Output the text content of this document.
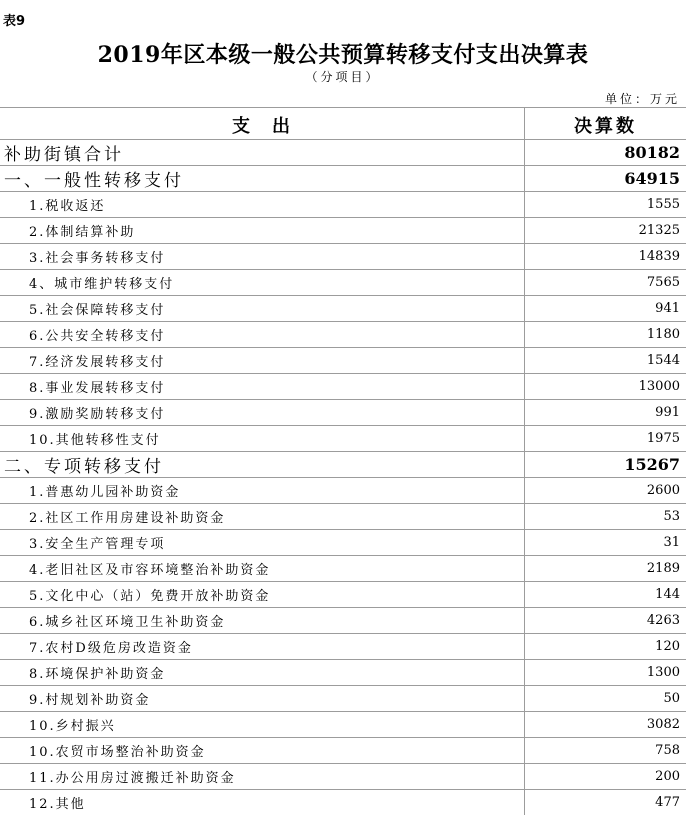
表9
2019年区本级一般公共预算转移支付支出决算表
（分项目）
单位：万元
支　出	决算数
补助街镇合计	80182
一、一般性转移支付	64915
1.税收返还	1555
2.体制结算补助	21325
3.社会事务转移支付	14839
4、城市维护转移支付	7565
5.社会保障转移支付	941
6.公共安全转移支付	1180
7.经济发展转移支付	1544
8.事业发展转移支付	13000
9.激励奖励转移支付	991
10.其他转移性支付	1975
二、专项转移支付	15267
1.普惠幼儿园补助资金	2600
2.社区工作用房建设补助资金	53
3.安全生产管理专项	31
4.老旧社区及市容环境整治补助资金	2189
5.文化中心（站）免费开放补助资金	144
6.城乡社区环境卫生补助资金	4263
7.农村D级危房改造资金	120
8.环境保护补助资金	1300
9.村规划补助资金	50
10.乡村振兴	3082
10.农贸市场整治补助资金	758
11.办公用房过渡搬迁补助资金	200
12.其他	477
